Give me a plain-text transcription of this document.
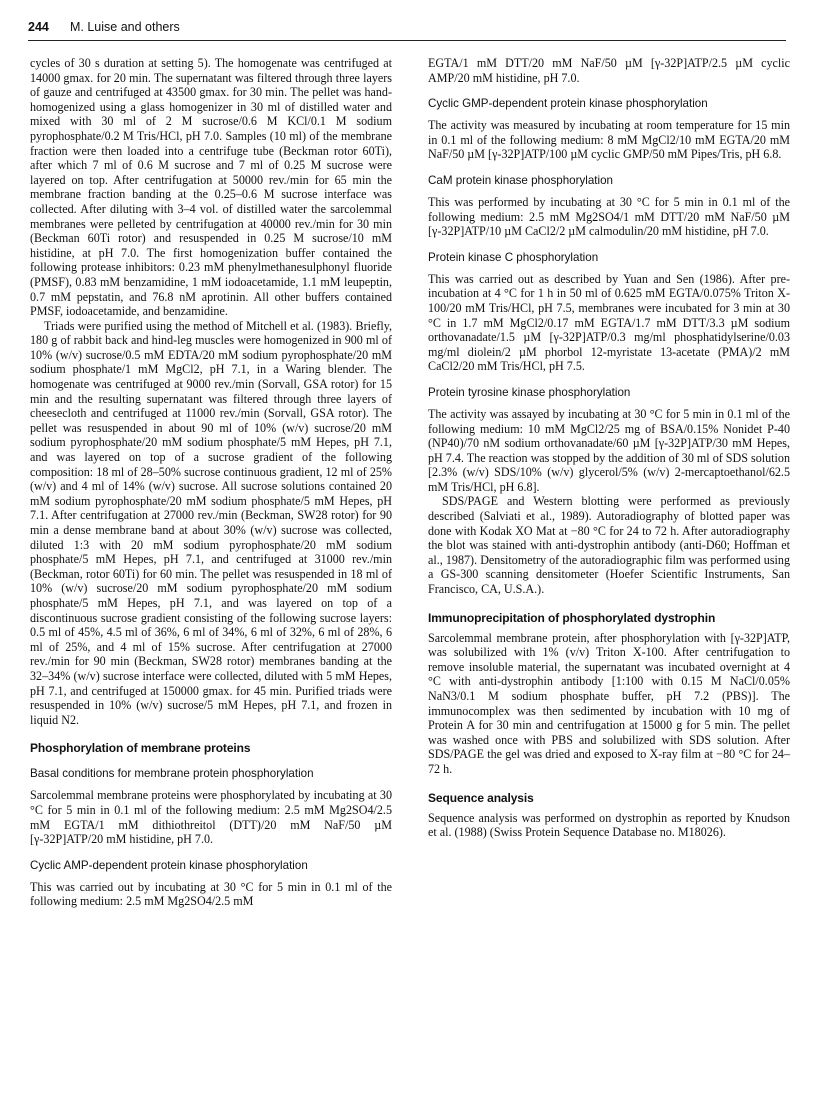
244 M. Luise and others

cycles of 30 s duration at setting 5). The homogenate was centrifuged at 14000 gmax. for 20 min. The supernatant was filtered through three layers of gauze and centrifuged at 43500 gmax. for 30 min. The pellet was hand-homogenized using a glass homogenizer in 30 ml of distilled water and mixed with 30 ml of 2 M sucrose/0.6 M KCl/0.1 M sodium pyrophosphate/0.2 M Tris/HCl, pH 7.0. Samples (10 ml) of the membrane fraction were then loaded into a centrifuge tube (Beckman rotor 60Ti), after which 7 ml of 0.6 M sucrose and 7 ml of 0.25 M sucrose were layered on top. After centrifugation at 50000 rev./min for 65 min the membrane fraction banding at the 0.25–0.6 M sucrose interface was collected. After diluting with 3–4 vol. of distilled water the sarcolemmal membranes were pelleted by centrifugation at 40000 rev./min for 30 min (Beckman 60Ti rotor) and resuspended in 0.25 M sucrose/10 mM histidine, at pH 7.0. The first homogenization buffer contained the following protease inhibitors: 0.23 mM phenylmethanesulphonyl fluoride (PMSF), 0.83 mM benzamidine, 1 mM iodoacetamide, 1.1 mM leupeptin, 0.7 mM pepstatin, and 76.8 nM aprotinin. All other buffers contained PMSF, iodoacetamide, and benzamidine.

Triads were purified using the method of Mitchell et al. (1983). Briefly, 180 g of rabbit back and hind-leg muscles were homogenized in 900 ml of 10% (w/v) sucrose/0.5 mM EDTA/20 mM sodium pyrophosphate/20 mM sodium phosphate/1 mM MgCl2, pH 7.1, in a Waring blender. The homogenate was centrifuged at 9000 rev./min (Sorvall, GSA rotor) for 15 min and the resulting supernatant was filtered through three layers of cheesecloth and centrifuged at 11000 rev./min (Sorvall, GSA rotor). The pellet was resuspended in about 90 ml of 10% (w/v) sucrose/20 mM sodium pyrophosphate/20 mM sodium phosphate/5 mM Hepes, pH 7.1, and was layered on top of a sucrose gradient of the following composition: 18 ml of 28–50% sucrose continuous gradient, 12 ml of 25% (w/v) and 4 ml of 14% (w/v) sucrose. All sucrose solutions contained 20 mM sodium pyrophosphate/20 mM sodium phosphate/5 mM Hepes, pH 7.1. After centrifugation at 27000 rev./min (Beckman, SW28 rotor) for 90 min a dense membrane band at about 30% (w/v) sucrose was collected, diluted 1:3 with 20 mM sodium pyrophosphate/20 mM sodium phosphate/5 mM Hepes, pH 7.1, and centrifuged at 31000 rev./min (Beckman, rotor 60Ti) for 60 min. The pellet was resuspended in 18 ml of 10% (w/v) sucrose/20 mM sodium pyrophosphate/20 mM sodium phosphate/5 mM Hepes, pH 7.1, and was layered on top of a discontinuous sucrose gradient consisting of the following sucrose layers: 0.5 ml of 45%, 4.5 ml of 36%, 6 ml of 34%, 6 ml of 32%, 6 ml of 28%, 6 ml of 25%, and 4 ml of 15% sucrose. After centrifugation at 27000 rev./min for 90 min (Beckman, SW28 rotor) membranes banding at the 32–34% (w/v) sucrose interface were collected, diluted with 5 mM Hepes, pH 7.1, and centrifuged at 150000 gmax. for 45 min. Purified triads were resuspended in 10% (w/v) sucrose/5 mM Hepes, pH 7.1, and frozen in liquid N2.

Phosphorylation of membrane proteins
Basal conditions for membrane protein phosphorylation

Sarcolemmal membrane proteins were phosphorylated by incubating at 30 °C for 5 min in 0.1 ml of the following medium: 2.5 mM Mg2SO4/2.5 mM EGTA/1 mM dithiothreitol (DTT)/20 mM NaF/50 µM [γ-32P]ATP/20 mM histidine, pH 7.0.

Cyclic AMP-dependent protein kinase phosphorylation

This was carried out by incubating at 30 °C for 5 min in 0.1 ml of the following medium: 2.5 mM Mg2SO4/2.5 mM

EGTA/1 mM DTT/20 mM NaF/50 µM [γ-32P]ATP/2.5 µM cyclic AMP/20 mM histidine, pH 7.0.

Cyclic GMP-dependent protein kinase phosphorylation

The activity was measured by incubating at room temperature for 15 min in 0.1 ml of the following medium: 8 mM MgCl2/10 mM EGTA/20 mM NaF/50 µM [γ-32P]ATP/100 µM cyclic GMP/50 mM Pipes/Tris, pH 6.8.

CaM protein kinase phosphorylation

This was performed by incubating at 30 °C for 5 min in 0.1 ml of the following medium: 2.5 mM Mg2SO4/1 mM DTT/20 mM NaF/50 µM [γ-32P]ATP/10 µM CaCl2/2 µM calmodulin/20 mM histidine, pH 7.0.

Protein kinase C phosphorylation

This was carried out as described by Yuan and Sen (1986). After pre-incubation at 4 °C for 1 h in 50 ml of 0.625 mM EGTA/0.075% Triton X-100/20 mM Tris/HCl, pH 7.5, membranes were incubated for 3 min at 30 °C in 1.7 mM MgCl2/0.17 mM EGTA/1.7 mM DTT/3.3 µM sodium orthovanadate/1.5 µM [γ-32P]ATP/0.3 mg/ml phosphatidylserine/0.03 mg/ml diolein/2 µM phorbol 12-myristate 13-acetate (PMA)/2 mM CaCl2/20 mM Tris/HCl, pH 7.5.

Protein tyrosine kinase phosphorylation

The activity was assayed by incubating at 30 °C for 5 min in 0.1 ml of the following medium: 10 mM MgCl2/25 mg of BSA/0.15% Nonidet P-40 (NP40)/70 nM sodium orthovanadate/60 µM [γ-32P]ATP/30 mM Hepes, pH 7.4. The reaction was stopped by the addition of 30 ml of SDS solution [2.3% (w/v) SDS/10% (w/v) glycerol/5% (w/v) 2-mercaptoethanol/62.5 mM Tris/HCl, pH 6.8].

SDS/PAGE and Western blotting were performed as previously described (Salviati et al., 1989). Autoradiography of blotted paper was done with Kodak XO Mat at −80 °C for 24 to 72 h. After autoradiography the blot was stained with anti-dystrophin antibody (anti-D60; Hoffman et al., 1987). Densitometry of the autoradiographic film was performed using a GS-300 scanning densitometer (Hoefer Scientific Instruments, San Francisco, CA, U.S.A.).

Immunoprecipitation of phosphorylated dystrophin

Sarcolemmal membrane protein, after phosphorylation with [γ-32P]ATP, was solubilized with 1% (v/v) Triton X-100. After centrifugation to remove insoluble material, the supernatant was incubated overnight at 4 °C with anti-dystrophin antibody [1:100 with 0.15 M NaCl/0.05% NaN3/0.1 M sodium phosphate buffer, pH 7.2 (PBS)]. The immunocomplex was then sedimented by incubation with 10 mg of Protein A for 30 min and centrifugation at 15000 g for 5 min. The pellet was washed once with PBS and solubilized with SDS solution. After SDS/PAGE the gel was dried and exposed to X-ray film at −80 °C for 24–72 h.

Sequence analysis

Sequence analysis was performed on dystrophin as reported by Knudson et al. (1988) (Swiss Protein Sequence Database no. M18026).
